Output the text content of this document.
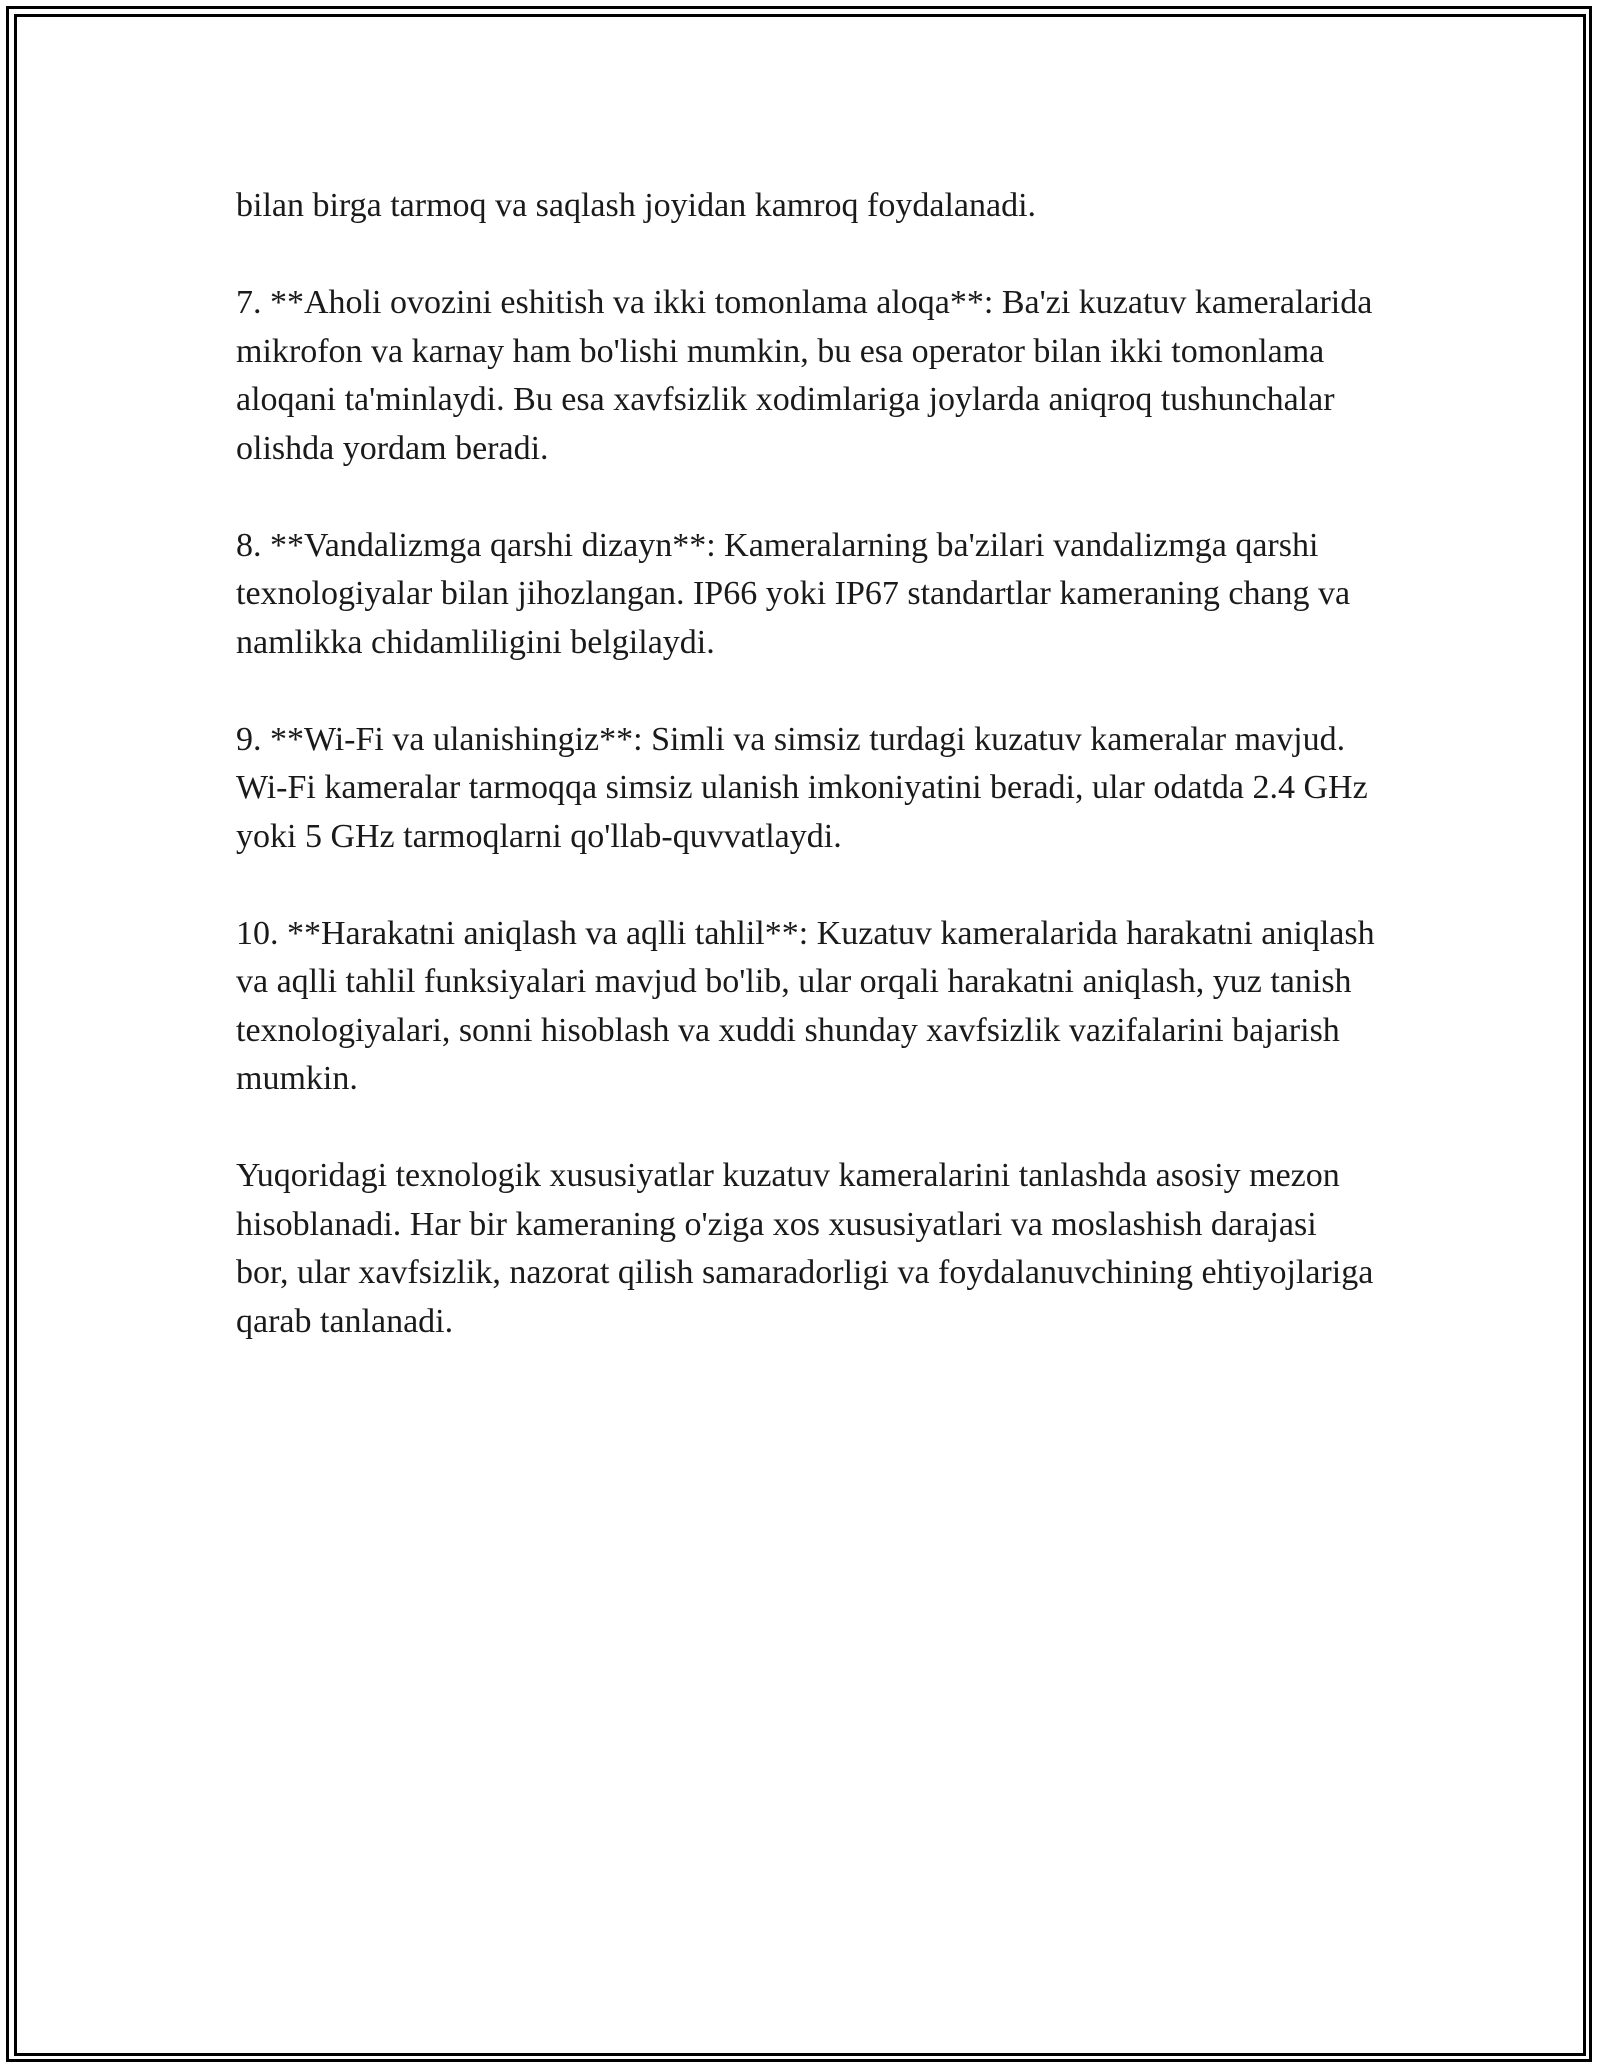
bilan birga tarmoq va saqlash joyidan kamroq foydalanadi.

7. **Aholi ovozini eshitish va ikki tomonlama aloqa**: Ba'zi kuzatuv kameralarida mikrofon va karnay ham bo'lishi mumkin, bu esa operator bilan ikki tomonlama aloqani ta'minlaydi. Bu esa xavfsizlik xodimlariga joylarda aniqroq tushunchalar olishda yordam beradi.

8. **Vandalizmga qarshi dizayn**: Kameralarning ba'zilari vandalizmga qarshi texnologiyalar bilan jihozlangan. IP66 yoki IP67 standartlar kameraning chang va namlikka chidamliligini belgilaydi.

9. **Wi-Fi va ulanishingiz**: Simli va simsiz turdagi kuzatuv kameralar mavjud. Wi-Fi kameralar tarmoqqa simsiz ulanish imkoniyatini beradi, ular odatda 2.4 GHz yoki 5 GHz tarmoqlarni qo'llab-quvvatlaydi.

10. **Harakatni aniqlash va aqlli tahlil**: Kuzatuv kameralarida harakatni aniqlash va aqlli tahlil funksiyalari mavjud bo'lib, ular orqali harakatni aniqlash, yuz tanish texnologiyalari, sonni hisoblash va xuddi shunday xavfsizlik vazifalarini bajarish mumkin.

Yuqoridagi texnologik xususiyatlar kuzatuv kameralarini tanlashda asosiy mezon hisoblanadi. Har bir kameraning o'ziga xos xususiyatlari va moslashish darajasi bor, ular xavfsizlik, nazorat qilish samaradorligi va foydalanuvchining ehtiyojlariga qarab tanlanadi.
